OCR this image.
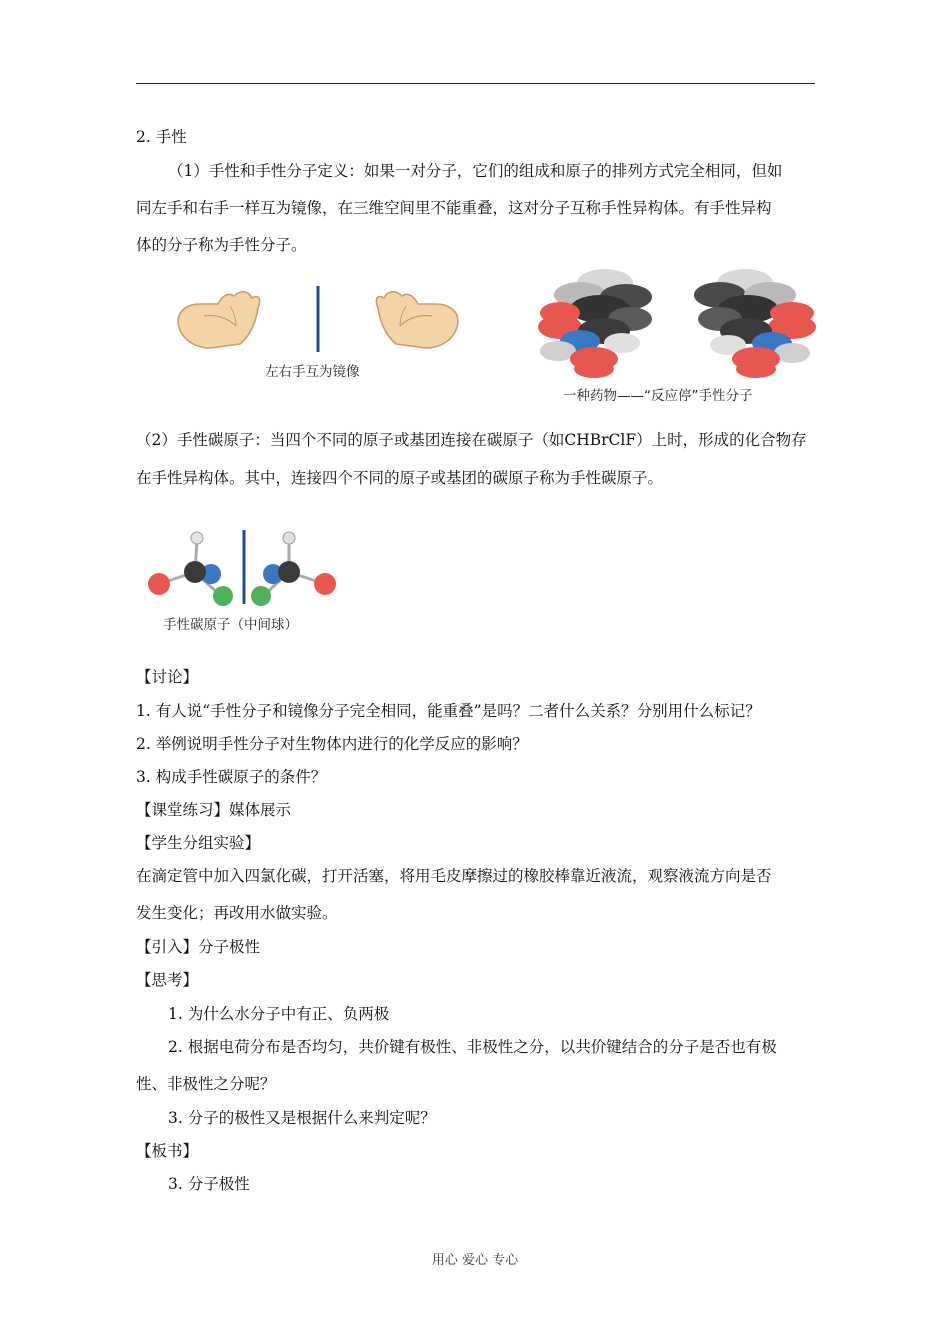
2. 手性
（1）手性和手性分子定义：如果一对分子，它们的组成和原子的排列方式完全相同，但如
同左手和右手一样互为镜像，在三维空间里不能重叠，这对分子互称手性异构体。有手性异构
体的分子称为手性分子。
左右手互为镜像
一种药物——“反应停”手性分子
（2）手性碳原子：当四个不同的原子或基团连接在碳原子（如CHBrClF）上时，形成的化合物存
在手性异构体。其中，连接四个不同的原子或基团的碳原子称为手性碳原子。
手性碳原子（中间球）
【讨论】
1. 有人说“手性分子和镜像分子完全相同，能重叠”是吗？二者什么关系？分别用什么标记？
2. 举例说明手性分子对生物体内进行的化学反应的影响？
3. 构成手性碳原子的条件？
【课堂练习】媒体展示
【学生分组实验】
在滴定管中加入四氯化碳，打开活塞，将用毛皮摩擦过的橡胶棒靠近液流，观察液流方向是否
发生变化；再改用水做实验。
【引入】分子极性
【思考】
1. 为什么水分子中有正、负两极
2. 根据电荷分布是否均匀，共价键有极性、非极性之分，以共价键结合的分子是否也有极
性、非极性之分呢？
3. 分子的极性又是根据什么来判定呢？
【板书】
3. 分子极性
用心 爱心 专心
